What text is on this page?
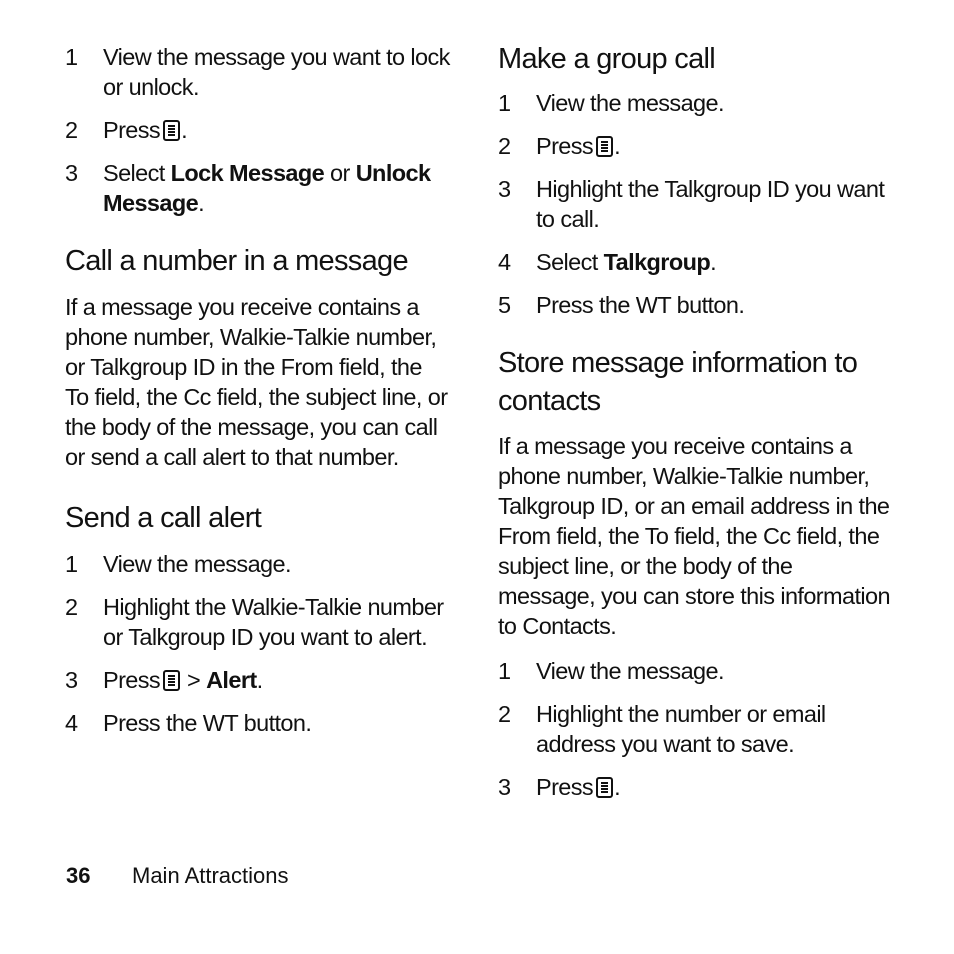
1 View the message you want to lock or unlock.
2 Press .
3 Select Lock Message or Unlock Message.
Call a number in a message

If a message you receive contains a phone number, Walkie-Talkie number, or Talkgroup ID in the From field, the To field, the Cc field, the subject line, or the body of the message, you can call or send a call alert to that number.

Send a call alert
1 View the message.
2 Highlight the Walkie-Talkie number or Talkgroup ID you want to alert.
3 Press > Alert.
4 Press the WT button.
Make a group call
1 View the message.
2 Press .
3 Highlight the Talkgroup ID you want to call.
4 Select Talkgroup.
5 Press the WT button.
Store message information to contacts

If a message you receive contains a phone number, Walkie-Talkie number, Talkgroup ID, or an email address in the From field, the To field, the Cc field, the subject line, or the body of the message, you can store this information to Contacts.

1 View the message.
2 Highlight the number or email address you want to save.
3 Press .
36 Main Attractions
